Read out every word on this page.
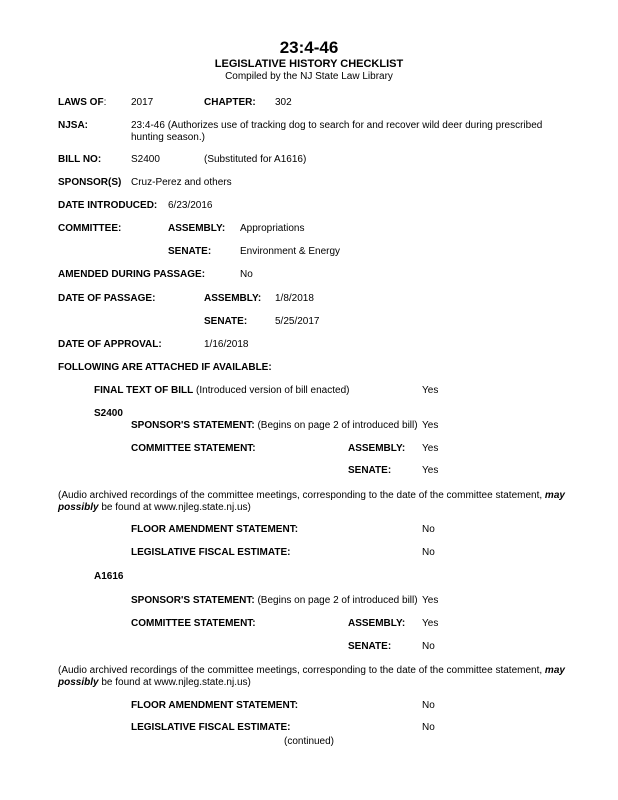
23:4-46
LEGISLATIVE HISTORY CHECKLIST
Compiled by the NJ State Law Library
LAWS OF: 2017	CHAPTER: 302
NJSA:	23:4-46 (Authorizes use of tracking dog to search for and recover wild deer during prescribed hunting season.)
BILL NO:	S2400	(Substituted for A1616)
SPONSOR(S) Cruz-Perez and others
DATE INTRODUCED: 6/23/2016
COMMITTEE:	ASSEMBLY: Appropriations
SENATE:	Environment & Energy
AMENDED DURING PASSAGE:	No
DATE OF PASSAGE:	ASSEMBLY: 1/8/2018
SENATE:	5/25/2017
DATE OF APPROVAL:	1/16/2018
FOLLOWING ARE ATTACHED IF AVAILABLE:
FINAL TEXT OF BILL (Introduced version of bill enacted)	Yes
S2400
SPONSOR'S STATEMENT: (Begins on page 2 of introduced bill) Yes
COMMITTEE STATEMENT:	ASSEMBLY: Yes
SENATE:	Yes
(Audio archived recordings of the committee meetings, corresponding to the date of the committee statement, may possibly be found at www.njleg.state.nj.us)
FLOOR AMENDMENT STATEMENT:	No
LEGISLATIVE FISCAL ESTIMATE:	No
A1616
SPONSOR'S STATEMENT: (Begins on page 2 of introduced bill) Yes
COMMITTEE STATEMENT:	ASSEMBLY: Yes
SENATE:	No
(Audio archived recordings of the committee meetings, corresponding to the date of the committee statement, may possibly be found at www.njleg.state.nj.us)
FLOOR AMENDMENT STATEMENT:	No
LEGISLATIVE FISCAL ESTIMATE:	No
(continued)
